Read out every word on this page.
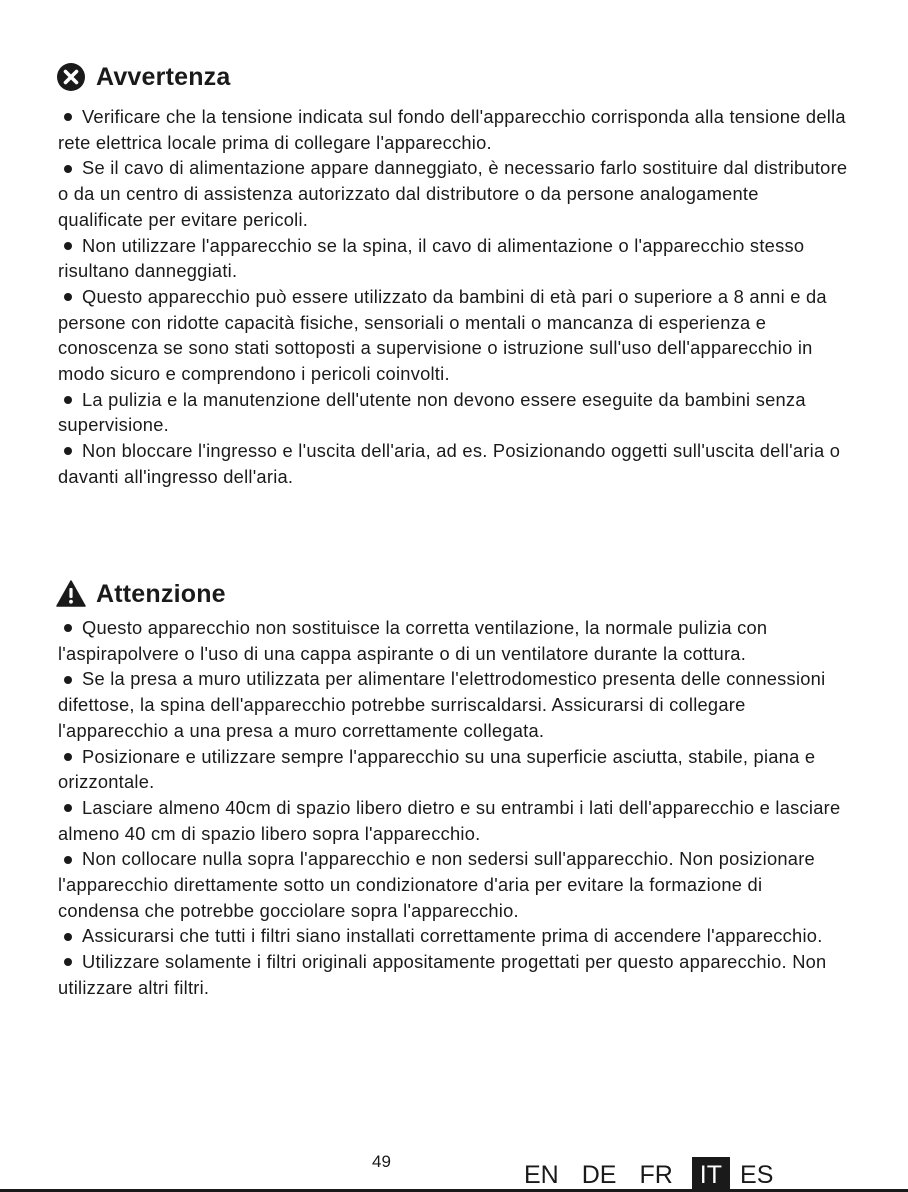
Avvertenza

Verificare che la tensione indicata sul fondo dell'apparecchio corrisponda alla tensione della rete elettrica locale prima di collegare l'apparecchio.

Se il cavo di alimentazione appare danneggiato, è necessario farlo sostituire dal distributore o da un centro di assistenza autorizzato dal distributore o da persone analogamente qualificate per evitare pericoli.

Non utilizzare l'apparecchio se la spina, il cavo di alimentazione o l'apparecchio stesso risultano danneggiati.

Questo apparecchio può essere utilizzato da bambini di età pari o superiore a 8 anni e da persone con ridotte capacità fisiche, sensoriali o mentali o mancanza di esperienza e conoscenza se sono stati sottoposti a supervisione o istruzione sull'uso dell'apparecchio in modo sicuro e comprendono i pericoli coinvolti.

La pulizia e la manutenzione dell'utente non devono essere eseguite da bambini senza supervisione.

Non bloccare l'ingresso e l'uscita dell'aria, ad es. Posizionando oggetti sull'uscita dell'aria o davanti all'ingresso dell'aria.

Attenzione

Questo apparecchio non sostituisce la corretta ventilazione, la normale pulizia con l'aspirapolvere o l'uso di una cappa aspirante o di un ventilatore durante la cottura.

Se la presa a muro utilizzata per alimentare l'elettrodomestico presenta delle connessioni difettose, la spina dell'apparecchio potrebbe surriscaldarsi. Assicurarsi di collegare l'apparecchio a una presa a muro correttamente collegata.

Posizionare e utilizzare sempre l'apparecchio su una superficie asciutta, stabile, piana e orizzontale.

Lasciare almeno 40cm di spazio libero dietro e su entrambi i lati dell'apparecchio e lasciare almeno 40 cm di spazio libero sopra l'apparecchio.

Non collocare nulla sopra l'apparecchio e non sedersi sull'apparecchio. Non posizionare l'apparecchio direttamente sotto un condizionatore d'aria per evitare la formazione di condensa che potrebbe gocciolare sopra l'apparecchio.

Assicurarsi che tutti i filtri siano installati correttamente prima di accendere l'apparecchio.

Utilizzare solamente i filtri originali appositamente progettati per questo apparecchio. Non utilizzare altri filtri.

49	EN DE FR	IT ES
